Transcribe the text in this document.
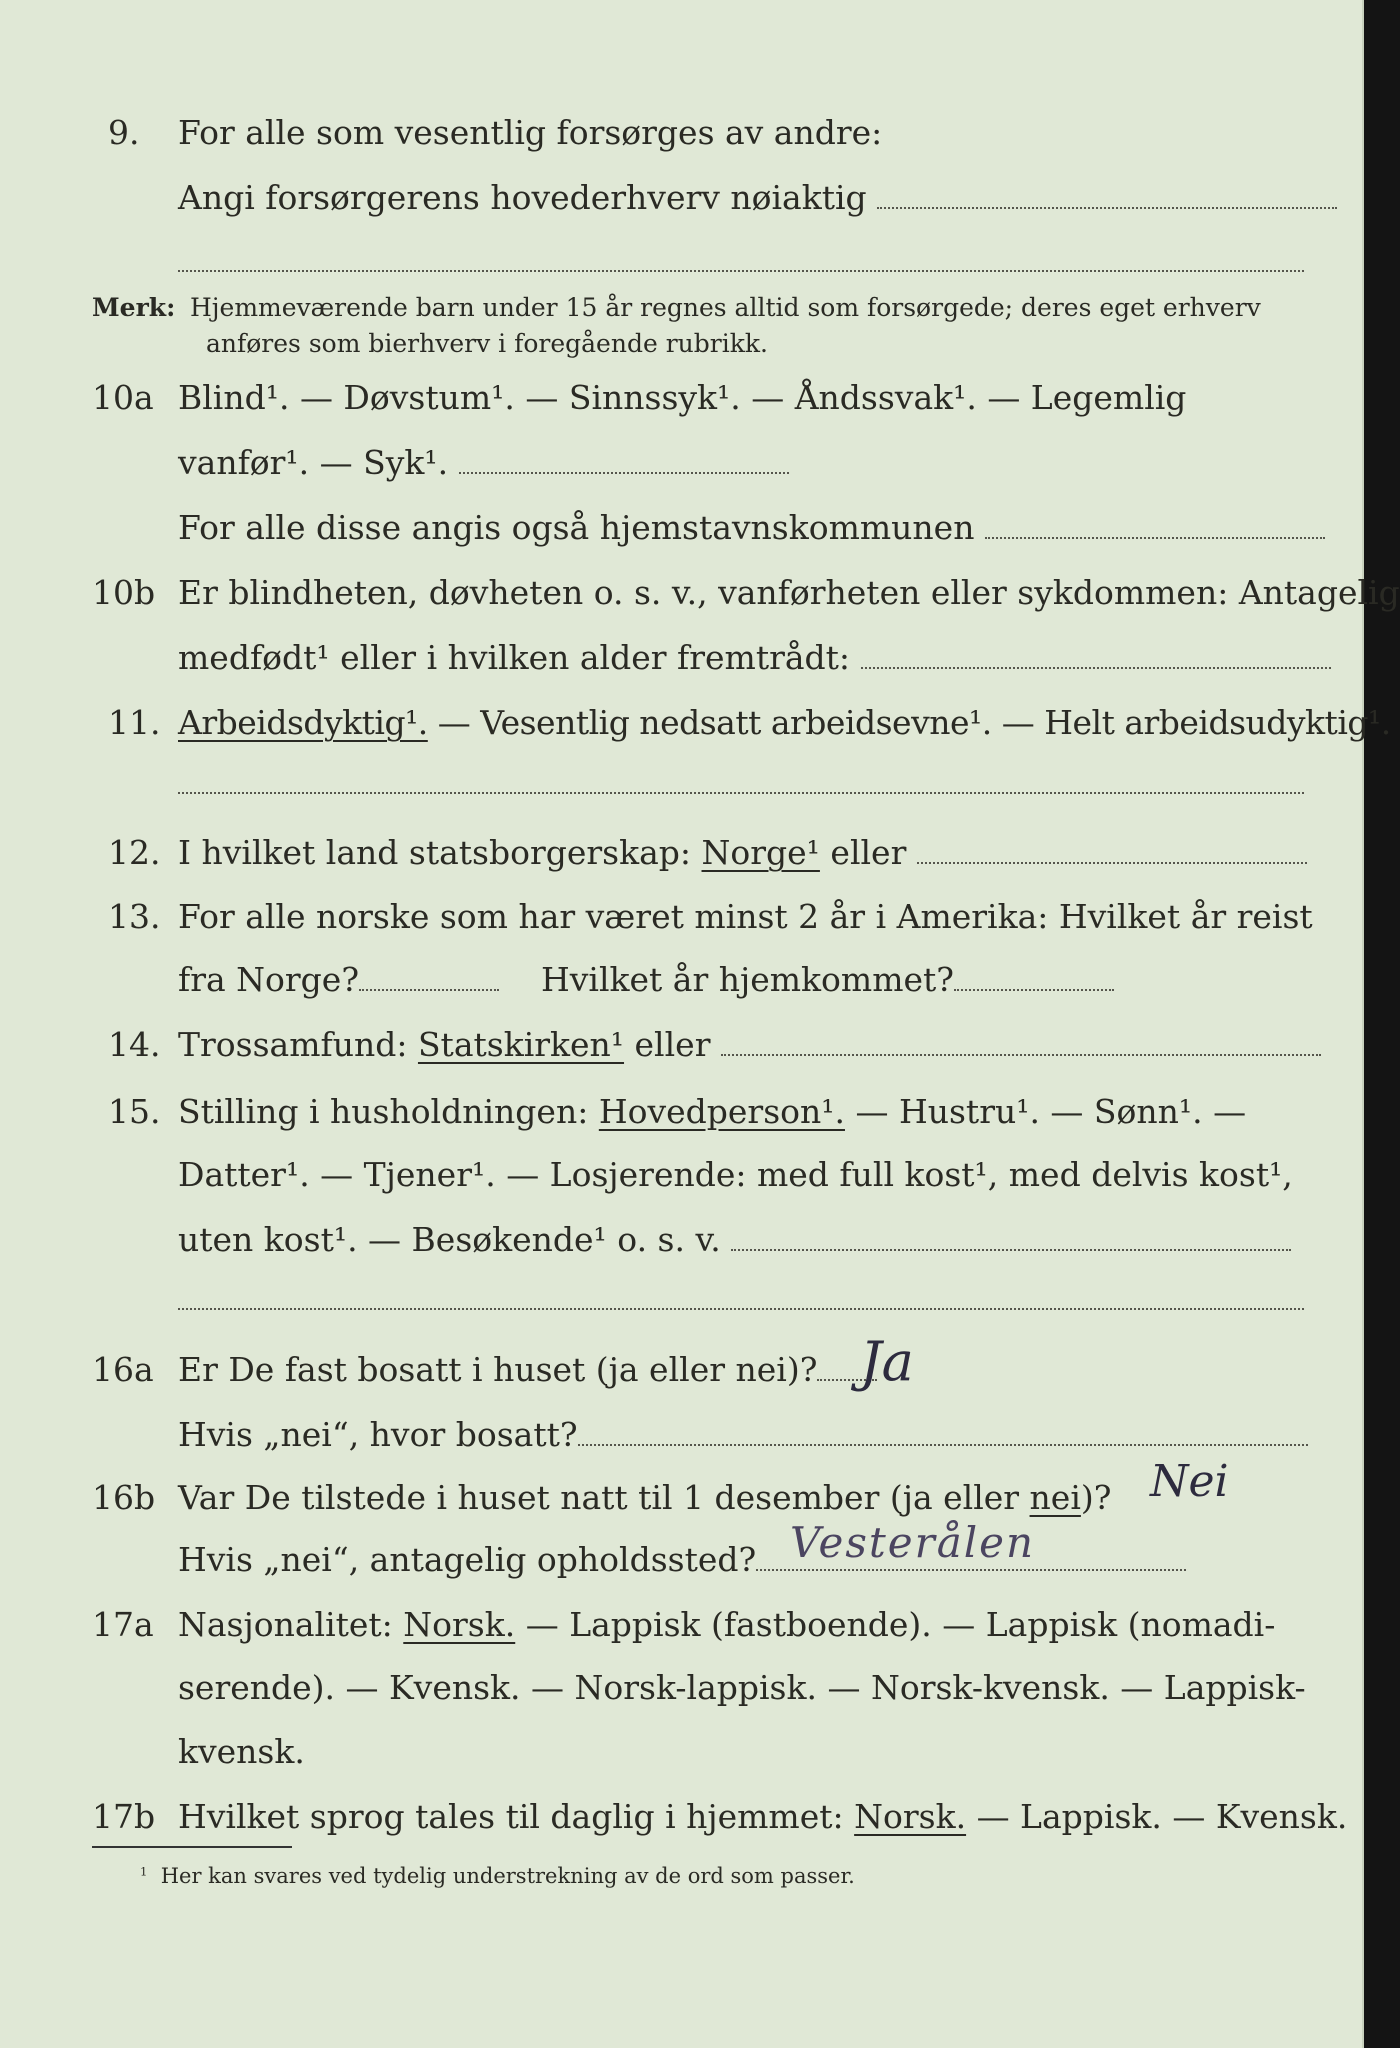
9.	For alle som vesentlig forsørges av andre:
Angi forsørgerens hovederhverv nøiaktig
Merk: Hjemmeværende barn under 15 år regnes alltid som forsørgede; deres eget erhverv
anføres som bierhverv i foregående rubrikk.
10a Blind¹. — Døvstum¹. — Sinnssyk¹. — Åndssvak¹. — Legemlig
vanfør¹. — Syk¹.
For alle disse angis også hjemstavnskommunen
10b Er blindheten, døvheten o. s. v., vanførheten eller sykdommen: Antagelig
medfødt¹ eller i hvilken alder fremtrådt:
11. Arbeidsdyktig¹. — Vesentlig nedsatt arbeidsevne¹. — Helt arbeidsudyktig¹.
12. I hvilket land statsborgerskap: Norge¹ eller
13. For alle norske som har været minst 2 år i Amerika: Hvilket år reist
fra Norge?	Hvilket år hjemkommet?
14. Trossamfund: Statskirken¹ eller
15. Stilling i husholdningen: Hovedperson¹. — Hustru¹. — Sønn¹. —
Datter¹. — Tjener¹. — Losjerende: med full kost¹, med delvis kost¹,
uten kost¹. — Besøkende¹ o. s. v.
16a Er De fast bosatt i huset (ja eller nei)? Ja
Hvis „nei“, hvor bosatt?
16b Var De tilstede i huset natt til 1 desember (ja eller nei)? Nei
Hvis „nei“, antagelig opholdssted? Vesterålen
17a Nasjonalitet: Norsk. — Lappisk (fastboende). — Lappisk (nomadi-
serende). — Kvensk. — Norsk-lappisk. — Norsk-kvensk. — Lappisk-
kvensk.
17b Hvilket sprog tales til daglig i hjemmet: Norsk. — Lappisk. — Kvensk.
$^1$ Her kan svares ved tydelig understrekning av de ord som passer.
